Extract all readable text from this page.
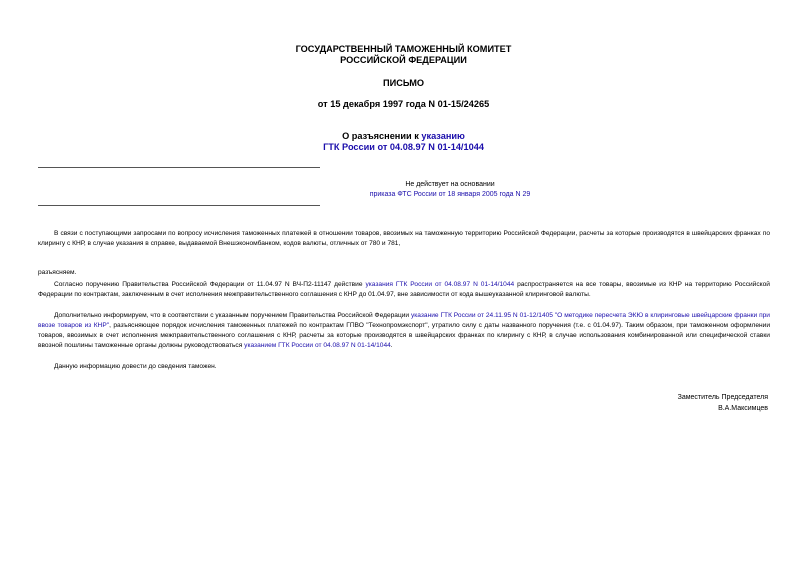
ГОСУДАРСТВЕННЫЙ ТАМОЖЕННЫЙ КОМИТЕТ
РОССИЙСКОЙ ФЕДЕРАЦИИ
ПИСЬМО
от 15 декабря 1997 года N 01-15/24265
О разъяснении к указанию
ГТК России от 04.08.97 N 01-14/1044
Не действует на основании
приказа ФТС России от 18 января 2005 года N 29
В связи с поступающими запросами по вопросу исчисления таможенных платежей в отношении товаров, ввозимых на таможенную территорию Российской Федерации, расчеты за которые производятся в швейцарских франках по клирингу с КНР, в случае указания в справке, выдаваемой Внешэкономбанком, кодов валюты, отличных от 780 и 781,
разъясняем.
Согласно поручению Правительства Российской Федерации от 11.04.97 N ВЧ-П2-11147 действие указания ГТК России от 04.08.97 N 01-14/1044 распространяется на все товары, ввозимые из КНР на территорию Российской Федерации по контрактам, заключенным в счет исполнения межправительственного соглашения с КНР до 01.04.97, вне зависимости от кода вышеуказанной клиринговой валюты.
Дополнительно информируем, что в соответствии с указанным поручением Правительства Российской Федерации указание ГТК России от 24.11.95 N 01-12/1405 "О методике пересчета ЭКЮ в клиринговые швейцарские франки при ввозе товаров из КНР", разъясняющее порядок исчисления таможенных платежей по контрактам ГПВО "Технопромэкспорт", утратило силу с даты названного поручения (т.е. с 01.04.97). Таким образом, при таможенном оформлении товаров, ввозимых в счет исполнения межправительственного соглашения с КНР, расчеты за которые производятся в швейцарских франках по клирингу с КНР, в случае использования комбинированной или специфической ставки ввозной пошлины таможенные органы должны руководствоваться указанием ГТК России от 04.08.97 N 01-14/1044.
Данную информацию довести до сведения таможен.
Заместитель Председателя
В.А.Максимцев
